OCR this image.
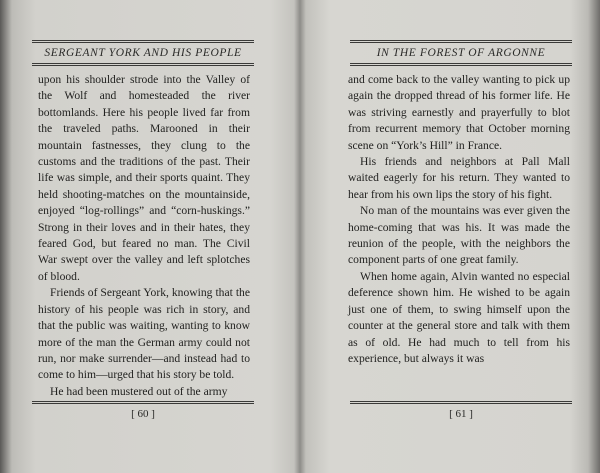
SERGEANT YORK AND HIS PEOPLE

upon his shoulder strode into the Valley of the Wolf and homesteaded the river bottomlands. Here his people lived far from the traveled paths. Marooned in their mountain fastnesses, they clung to the customs and the traditions of the past. Their life was simple, and their sports quaint. They held shooting-matches on the mountainside, enjoyed “log-rollings” and “corn-huskings.” Strong in their loves and in their hates, they feared God, but feared no man. The Civil War swept over the valley and left splotches of blood.

Friends of Sergeant York, knowing that the history of his people was rich in story, and that the public was waiting, wanting to know more of the man the German army could not run, nor make surrender—and instead had to come to him—urged that his story be told.

He had been mustered out of the army

[ 60 ]
IN THE FOREST OF ARGONNE

and come back to the valley wanting to pick up again the dropped thread of his former life. He was striving earnestly and prayerfully to blot from recurrent memory that October morning scene on “York’s Hill” in France.

His friends and neighbors at Pall Mall waited eagerly for his return. They wanted to hear from his own lips the story of his fight.

No man of the mountains was ever given the home-coming that was his. It was made the reunion of the people, with the neighbors the component parts of one great family.

When home again, Alvin wanted no especial deference shown him. He wished to be again just one of them, to swing himself upon the counter at the general store and talk with them as of old. He had much to tell from his experience, but always it was

[ 61 ]
